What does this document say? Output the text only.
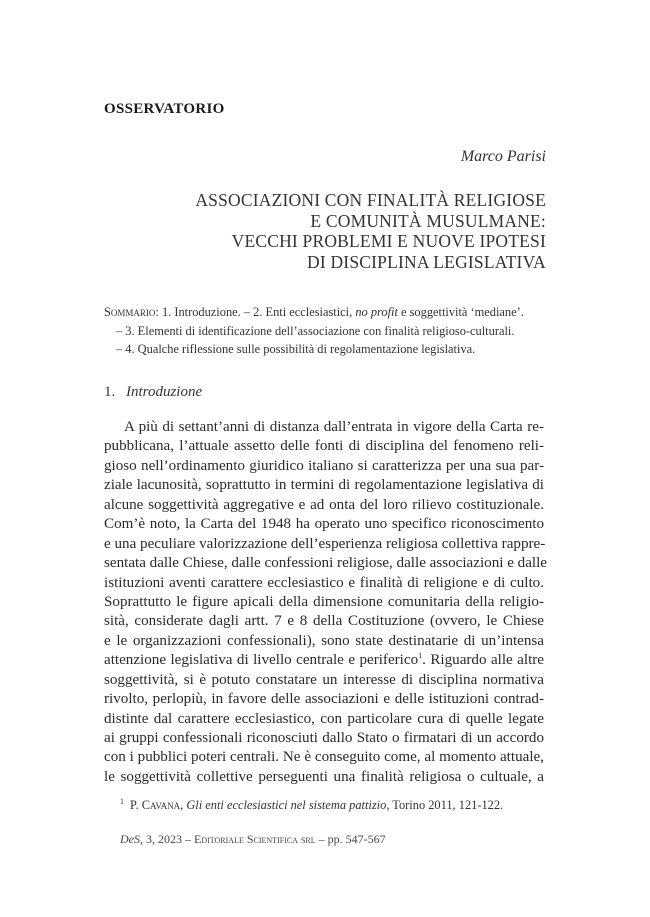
OSSERVATORIO
Marco Parisi
ASSOCIAZIONI CON FINALITÀ RELIGIOSE
E COMUNITÀ MUSULMANE:
VECCHI PROBLEMI E NUOVE IPOTESI
DI DISCIPLINA LEGISLATIVA
Sommario: 1. Introduzione. – 2. Enti ecclesiastici, no profit e soggettività ‘mediane’.
– 3. Elementi di identificazione dell’associazione con finalità religioso-culturali.
– 4. Qualche riflessione sulle possibilità di regolamentazione legislativa.
1. Introduzione
A più di settant’anni di distanza dall’entrata in vigore della Carta re-
pubblicana, l’attuale assetto delle fonti di disciplina del fenomeno reli-
gioso nell’ordinamento giuridico italiano si caratterizza per una sua par-
ziale lacunosità, soprattutto in termini di regolamentazione legislativa di
alcune soggettività aggregative e ad onta del loro rilievo costituzionale.
Com’è noto, la Carta del 1948 ha operato uno specifico riconoscimento
e una peculiare valorizzazione dell’esperienza religiosa collettiva rappre-
sentata dalle Chiese, dalle confessioni religiose, dalle associazioni e dalle
istituzioni aventi carattere ecclesiastico e finalità di religione e di culto.
Soprattutto le figure apicali della dimensione comunitaria della religio-
sità, considerate dagli artt. 7 e 8 della Costituzione (ovvero, le Chiese
e le organizzazioni confessionali), sono state destinatarie di un’intensa
attenzione legislativa di livello centrale e periferico$^1$. Riguardo alle altre
soggettività, si è potuto constatare un interesse di disciplina normativa
rivolto, perlopiù, in favore delle associazioni e delle istituzioni contrad-
distinte dal carattere ecclesiastico, con particolare cura di quelle legate
ai gruppi confessionali riconosciuti dallo Stato o firmatari di un accordo
con i pubblici poteri centrali. Ne è conseguito come, al momento attuale,
le soggettività collettive perseguenti una finalità religiosa o cultuale, a
$^1$ P. Cavana, Gli enti ecclesiastici nel sistema pattizio, Torino 2011, 121-122.
DeS, 3, 2023 – Editoriale Scientifica srl – pp. 547-567
